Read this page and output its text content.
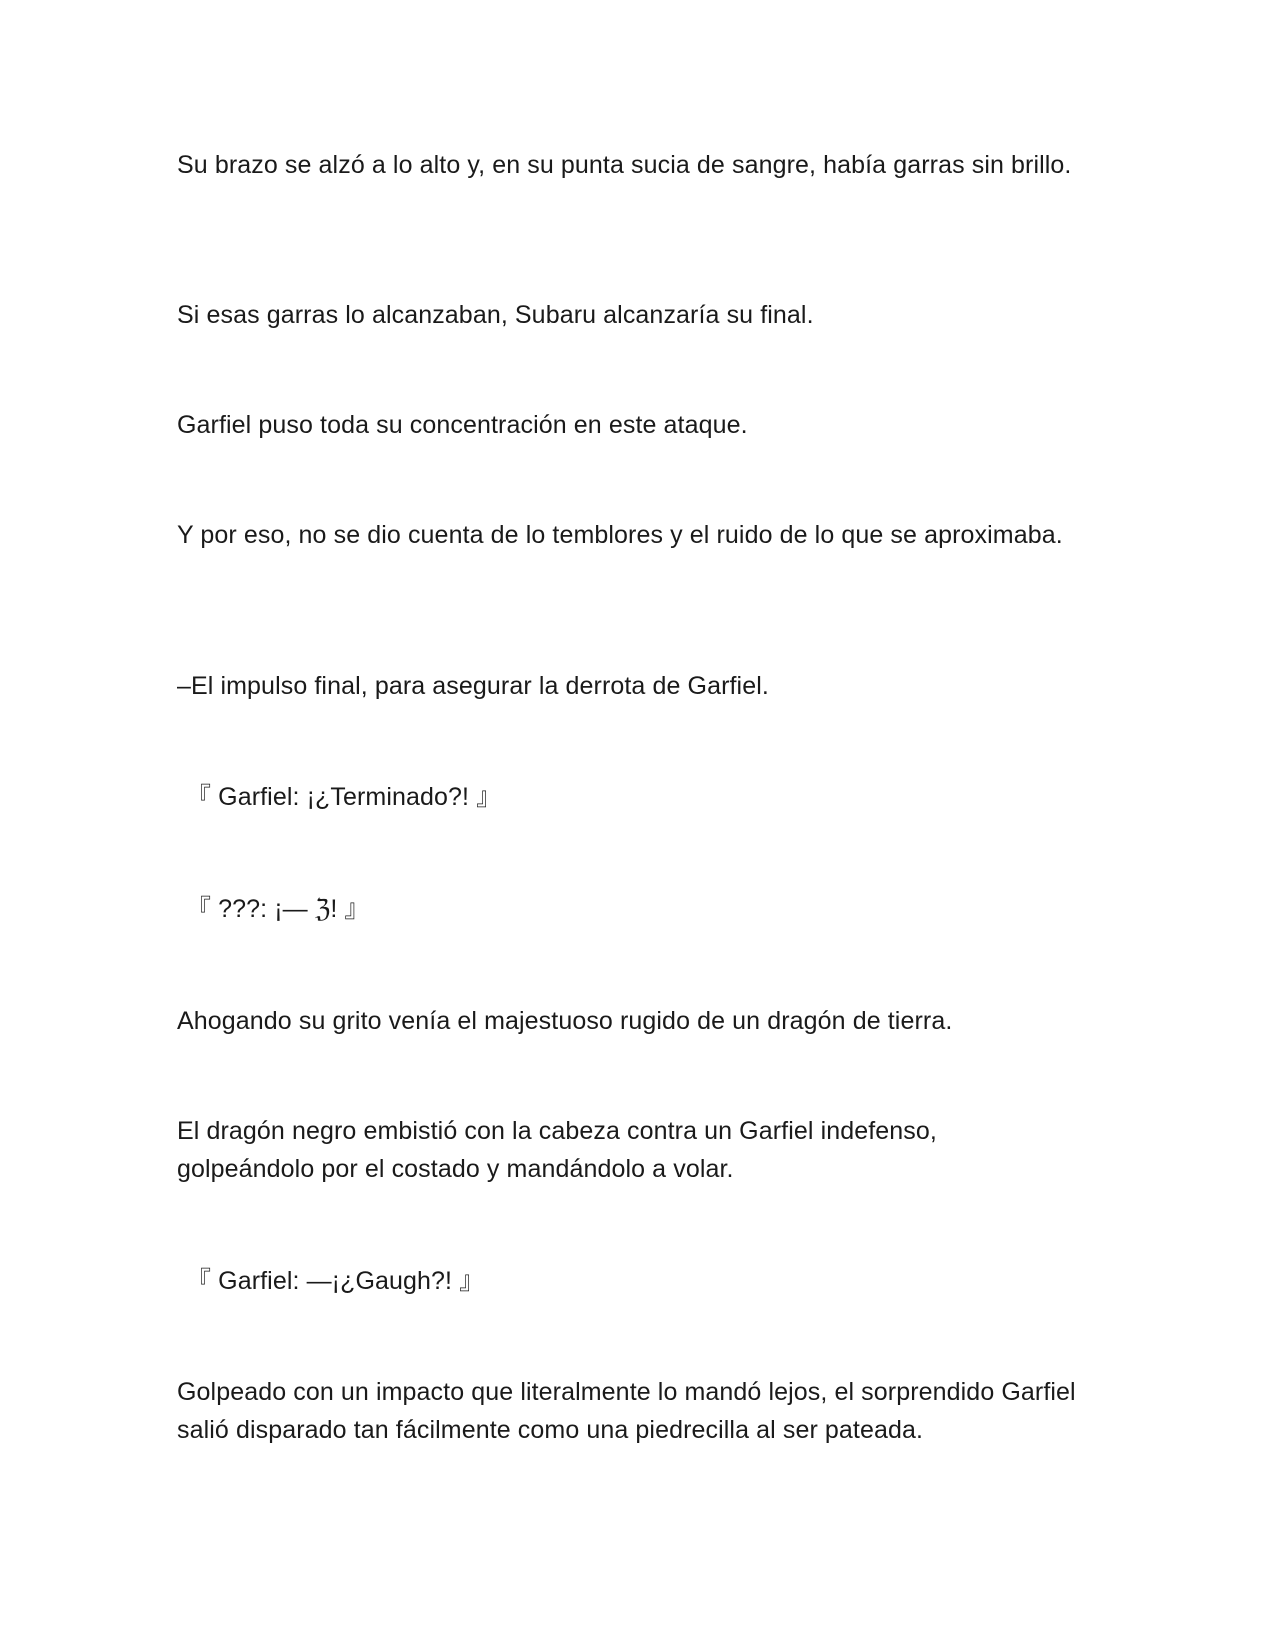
Su brazo se alzó a lo alto y, en su punta sucia de sangre, había garras sin brillo.

Si esas garras lo alcanzaban, Subaru alcanzaría su final.

Garfiel puso toda su concentración en este ataque.

Y por eso, no se dio cuenta de lo temblores y el ruido de lo que se aproximaba.

–El impulso final, para asegurar la derrota de Garfiel.

『 Garfiel: ¡¿Terminado?! 』

『 ???: ¡— ℨ! 』

Ahogando su grito venía el majestuoso rugido de un dragón de tierra.

El dragón negro embistió con la cabeza contra un Garfiel indefenso, golpeándolo por el costado y mandándolo a volar.

『 Garfiel: —¡¿Gaugh?! 』

Golpeado con un impacto que literalmente lo mandó lejos, el sorprendido Garfiel salió disparado tan fácilmente como una piedrecilla al ser pateada.
